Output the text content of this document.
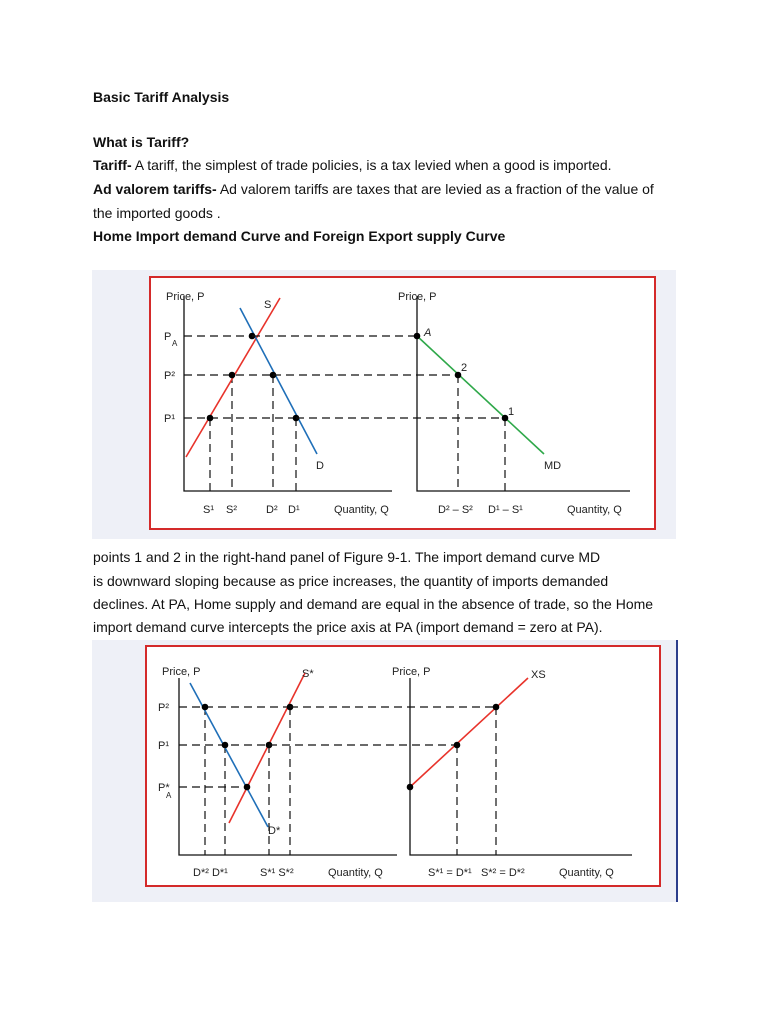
Basic Tariff Analysis
What is Tariff?
Tariff- A tariff, the simplest of trade policies, is a tax levied when a good is imported.
Ad valorem tariffs- Ad valorem tariffs are taxes that are levied as a fraction of the value of
the imported goods .
Home Import demand Curve and Foreign Export supply Curve
Price, P
S
D
P
A
P²
P¹
S¹ S²	D² D¹	Quantity, Q
Price, P
A
2
1
MD
D² – S² D¹ – S¹	Quantity, Q
points 1 and 2 in the right-hand panel of Figure 9-1. The import demand curve MD
is downward sloping because as price increases, the quantity of imports demanded
declines. At PA, Home supply and demand are equal in the absence of trade, so the Home
import demand curve intercepts the price axis at PA (import demand = zero at PA).
Price, P	S*
D*
P²
P¹
P*
A
D*² D*¹	S*¹ S*²	Quantity, Q
Price, P	XS
S*¹ = D*¹ S*² = D*²	Quantity, Q
